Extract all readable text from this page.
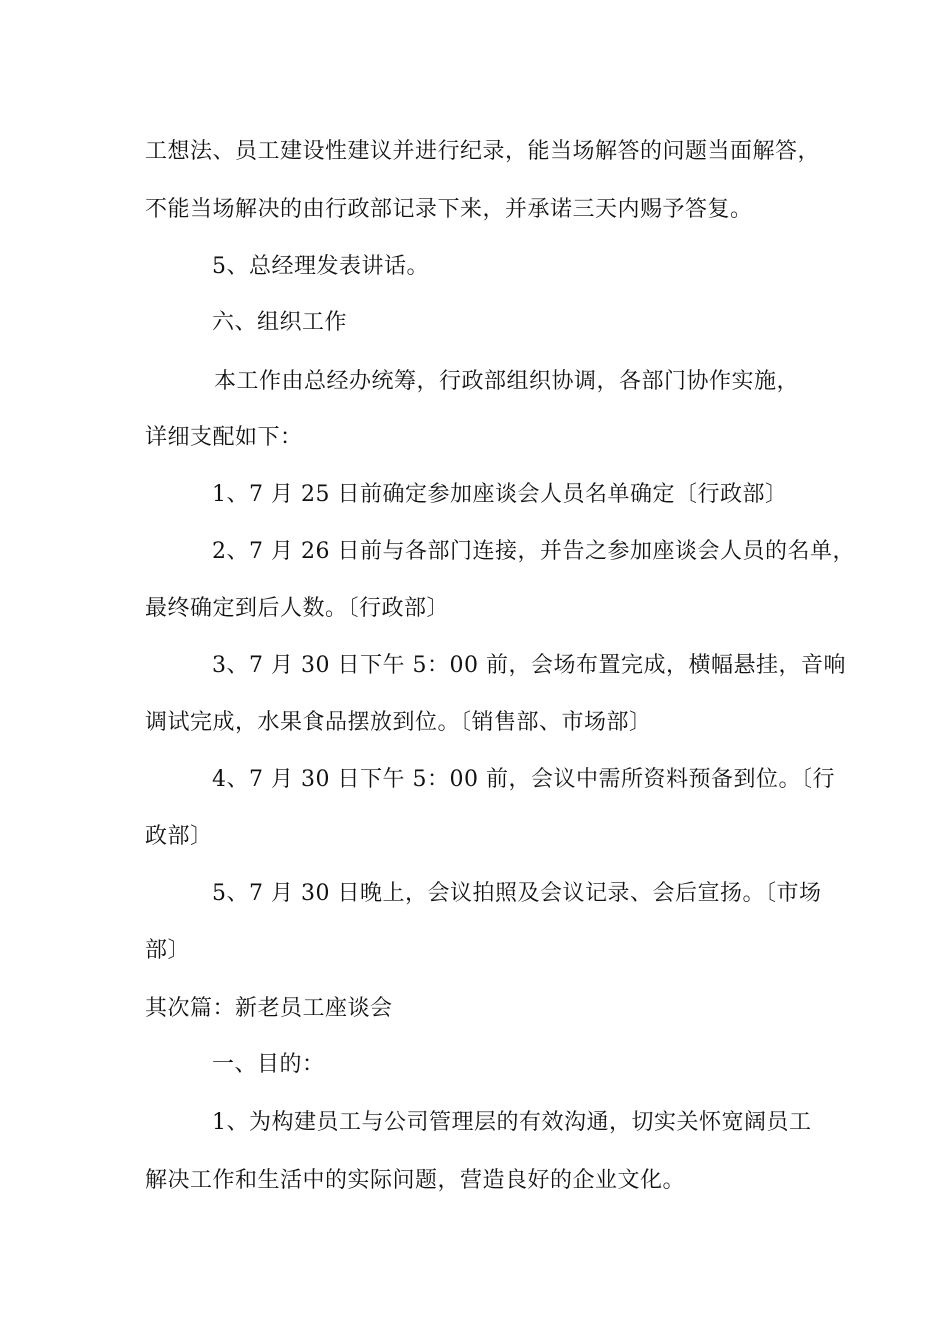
工想法、员工建设性建议并进行纪录，能当场解答的问题当面解答，
不能当场解决的由行政部记录下来，并承诺三天内赐予答复。
5、总经理发表讲话。
六、组织工作
本工作由总经办统筹，行政部组织协调，各部门协作实施，
详细支配如下：
1、7 月 25 日前确定参加座谈会人员名单确定〔行政部〕
2、7 月 26 日前与各部门连接，并告之参加座谈会人员的名单，
最终确定到后人数。〔行政部〕
3、7 月 30 日下午 5：00 前，会场布置完成，横幅悬挂，音响
调试完成，水果食品摆放到位。〔销售部、市场部〕
4、7 月 30 日下午 5：00 前，会议中需所资料预备到位。〔行
政部〕
5、7 月 30 日晚上，会议拍照及会议记录、会后宣扬。〔市场
部〕
其次篇：新老员工座谈会
一、目的：
1、为构建员工与公司管理层的有效沟通，切实关怀宽阔员工
解决工作和生活中的实际问题，营造良好的企业文化。
